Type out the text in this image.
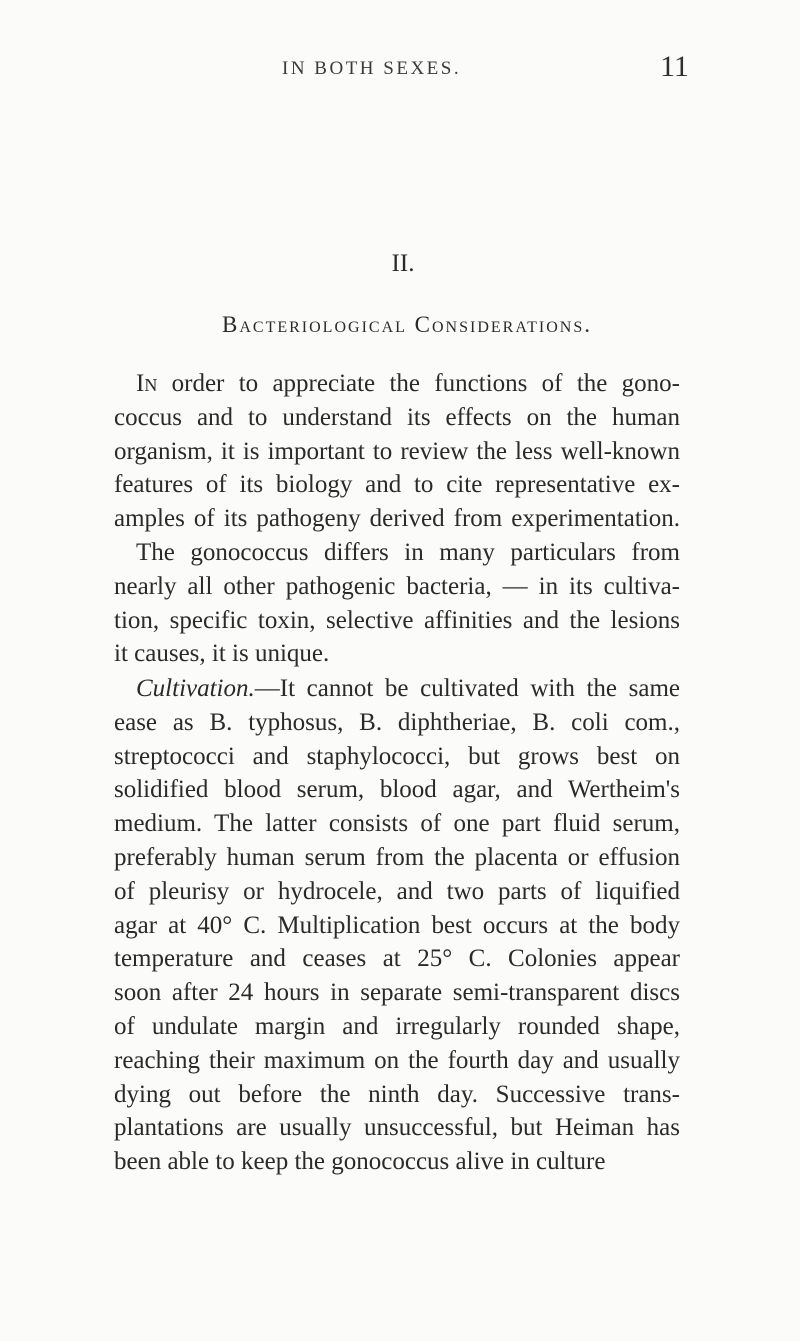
IN BOTH SEXES.	11
II.
Bacteriological Considerations.
In order to appreciate the functions of the gono-
coccus and to understand its effects on the human
organism, it is important to review the less well-known
features of its biology and to cite representative ex-
amples of its pathogeny derived from experimentation.
The gonococcus differs in many particulars from
nearly all other pathogenic bacteria, — in its cultiva-
tion, specific toxin, selective affinities and the lesions
it causes, it is unique.
Cultivation.—It cannot be cultivated with the same
ease as B. typhosus, B. diphtheriae, B. coli com.,
streptococci and staphylococci, but grows best on
solidified blood serum, blood agar, and Wertheim's
medium. The latter consists of one part fluid serum,
preferably human serum from the placenta or effusion
of pleurisy or hydrocele, and two parts of liquified
agar at 40° C. Multiplication best occurs at the body
temperature and ceases at 25° C. Colonies appear
soon after 24 hours in separate semi-transparent discs
of undulate margin and irregularly rounded shape,
reaching their maximum on the fourth day and usually
dying out before the ninth day. Successive trans-
plantations are usually unsuccessful, but Heiman has
been able to keep the gonococcus alive in culture
